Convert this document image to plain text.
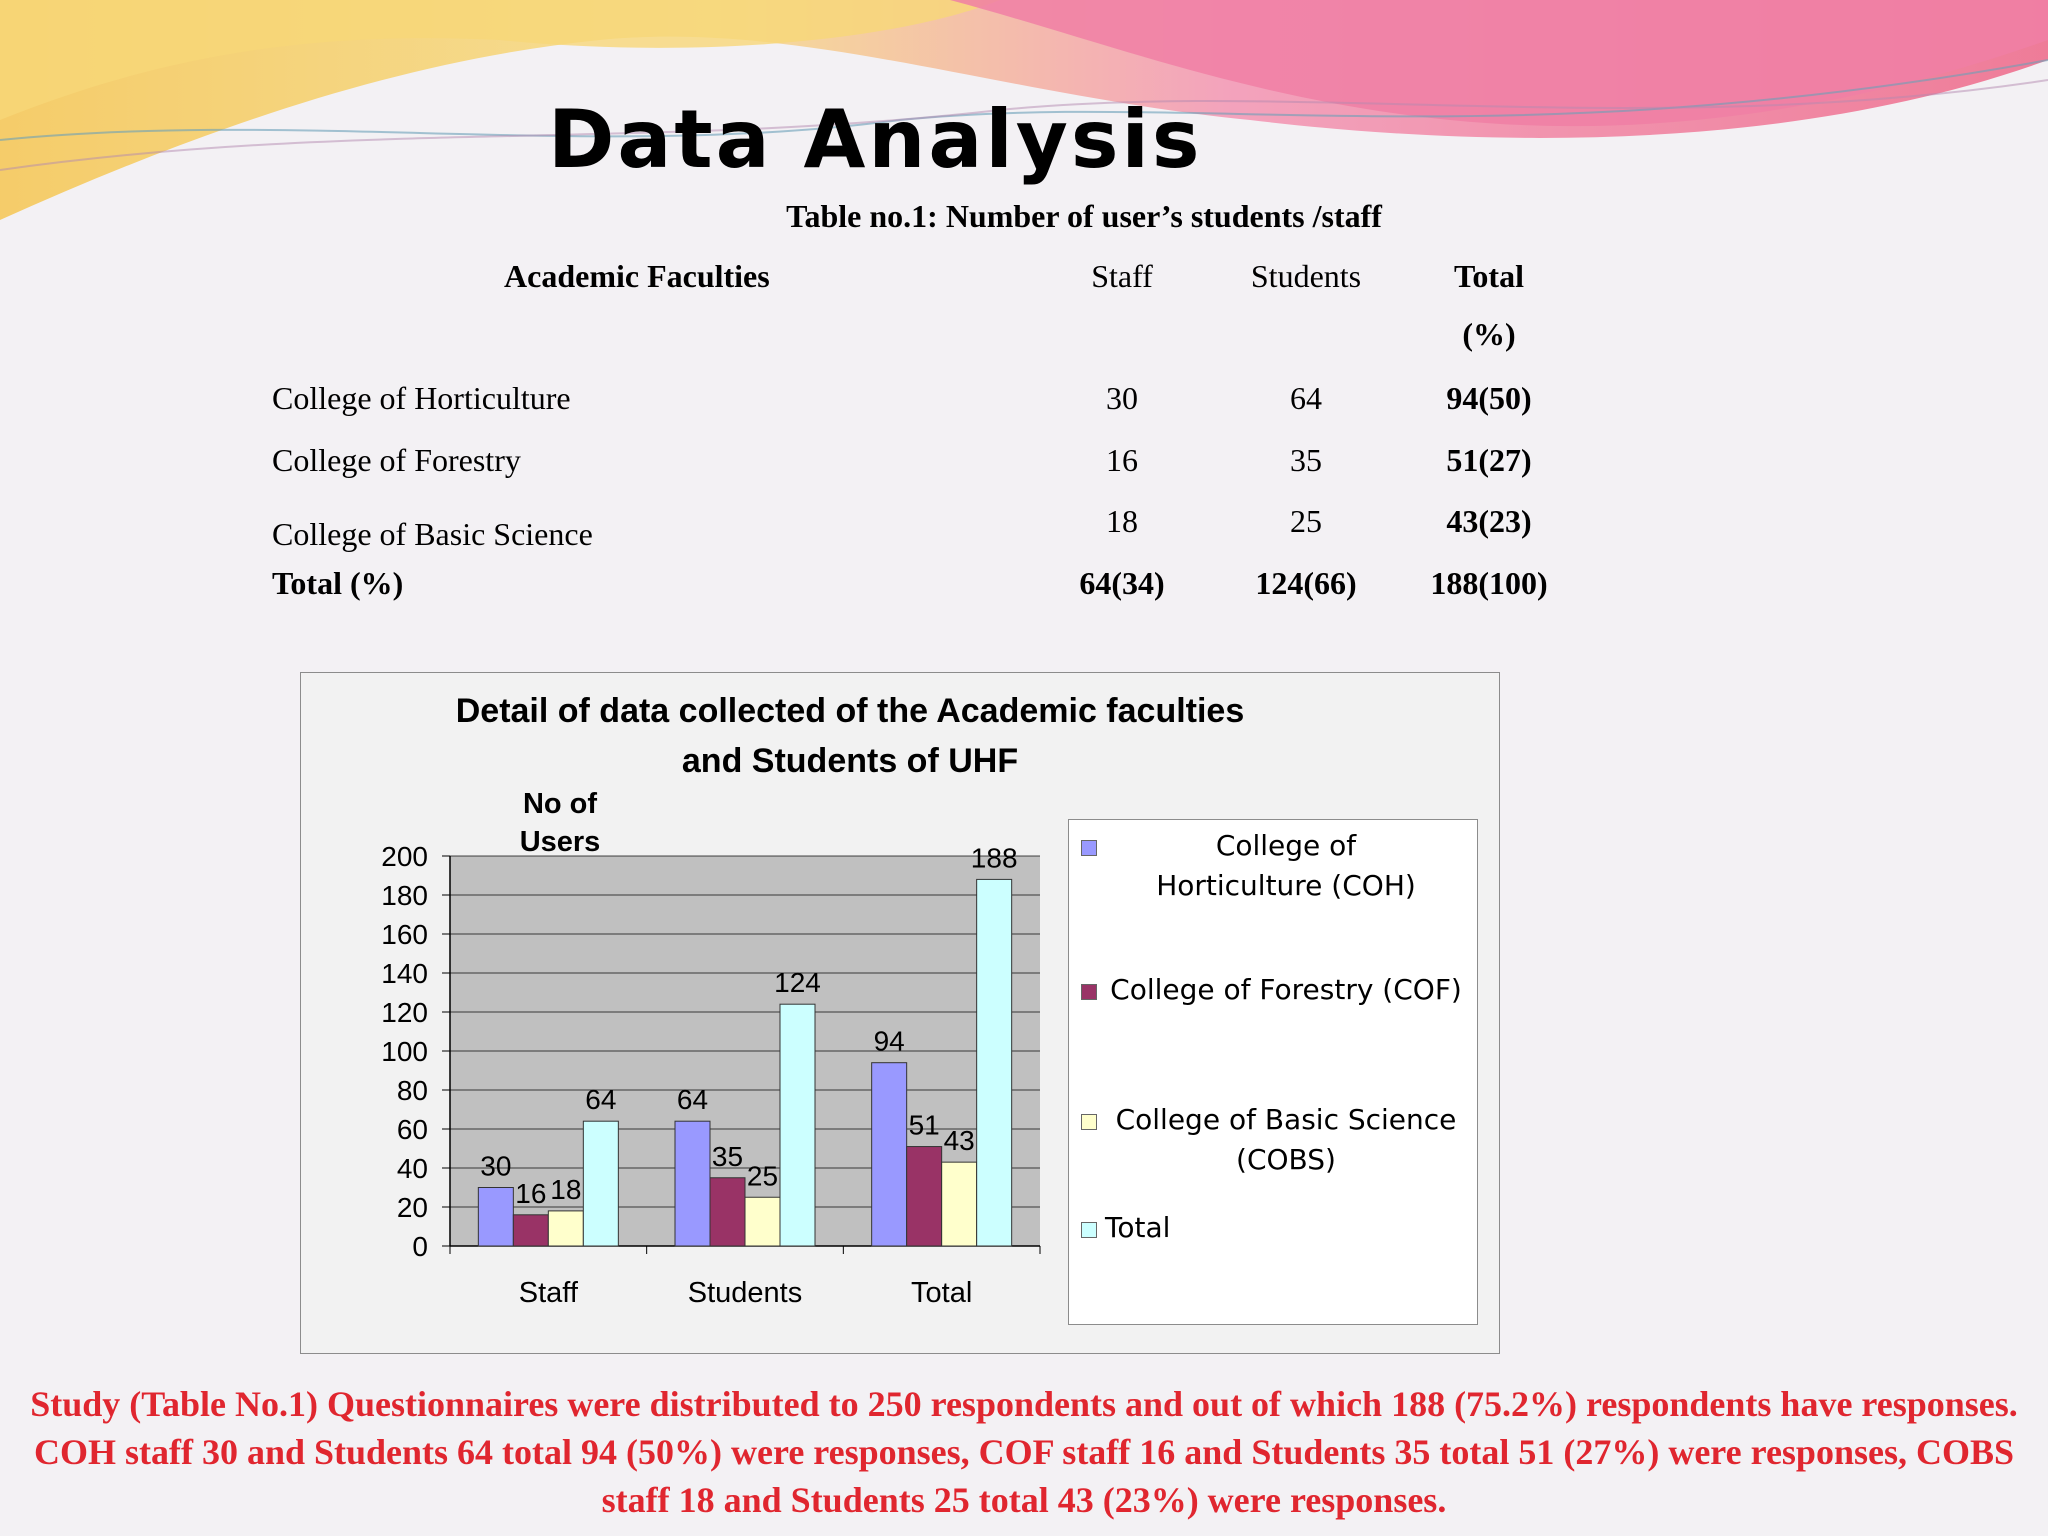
Data Analysis

Table no.1: Number of user’s students /staff

Academic Faculties	Staff	Students	Total
(%)
College of Horticulture	30	64	94(50)
College of Forestry	16	35	51(27)
College of Basic Science	18	25	43(23)
Total (%)	64(34)	124(66) 188(100)
0
20
40
60
80
100
120
140
160
180
200
Staff
30
16 18
64
Students
64
35
25
124
Total
94
51
43
188
Detail of data collected of the Academic faculties
and Students of UHF
No of
Users	College of
Horticulture (COH)
College of Forestry (COF)
College of Basic Science
(COBS)
Total

Study (Table No.1) Questionnaires were distributed to 250 respondents and out of which 188 (75.2%) respondents have responses. COH staff 30 and Students 64 total 94 (50%) were responses, COF staff 16 and Students 35 total 51 (27%) were responses, COBS staff 18 and Students 25 total 43 (23%) were responses.
